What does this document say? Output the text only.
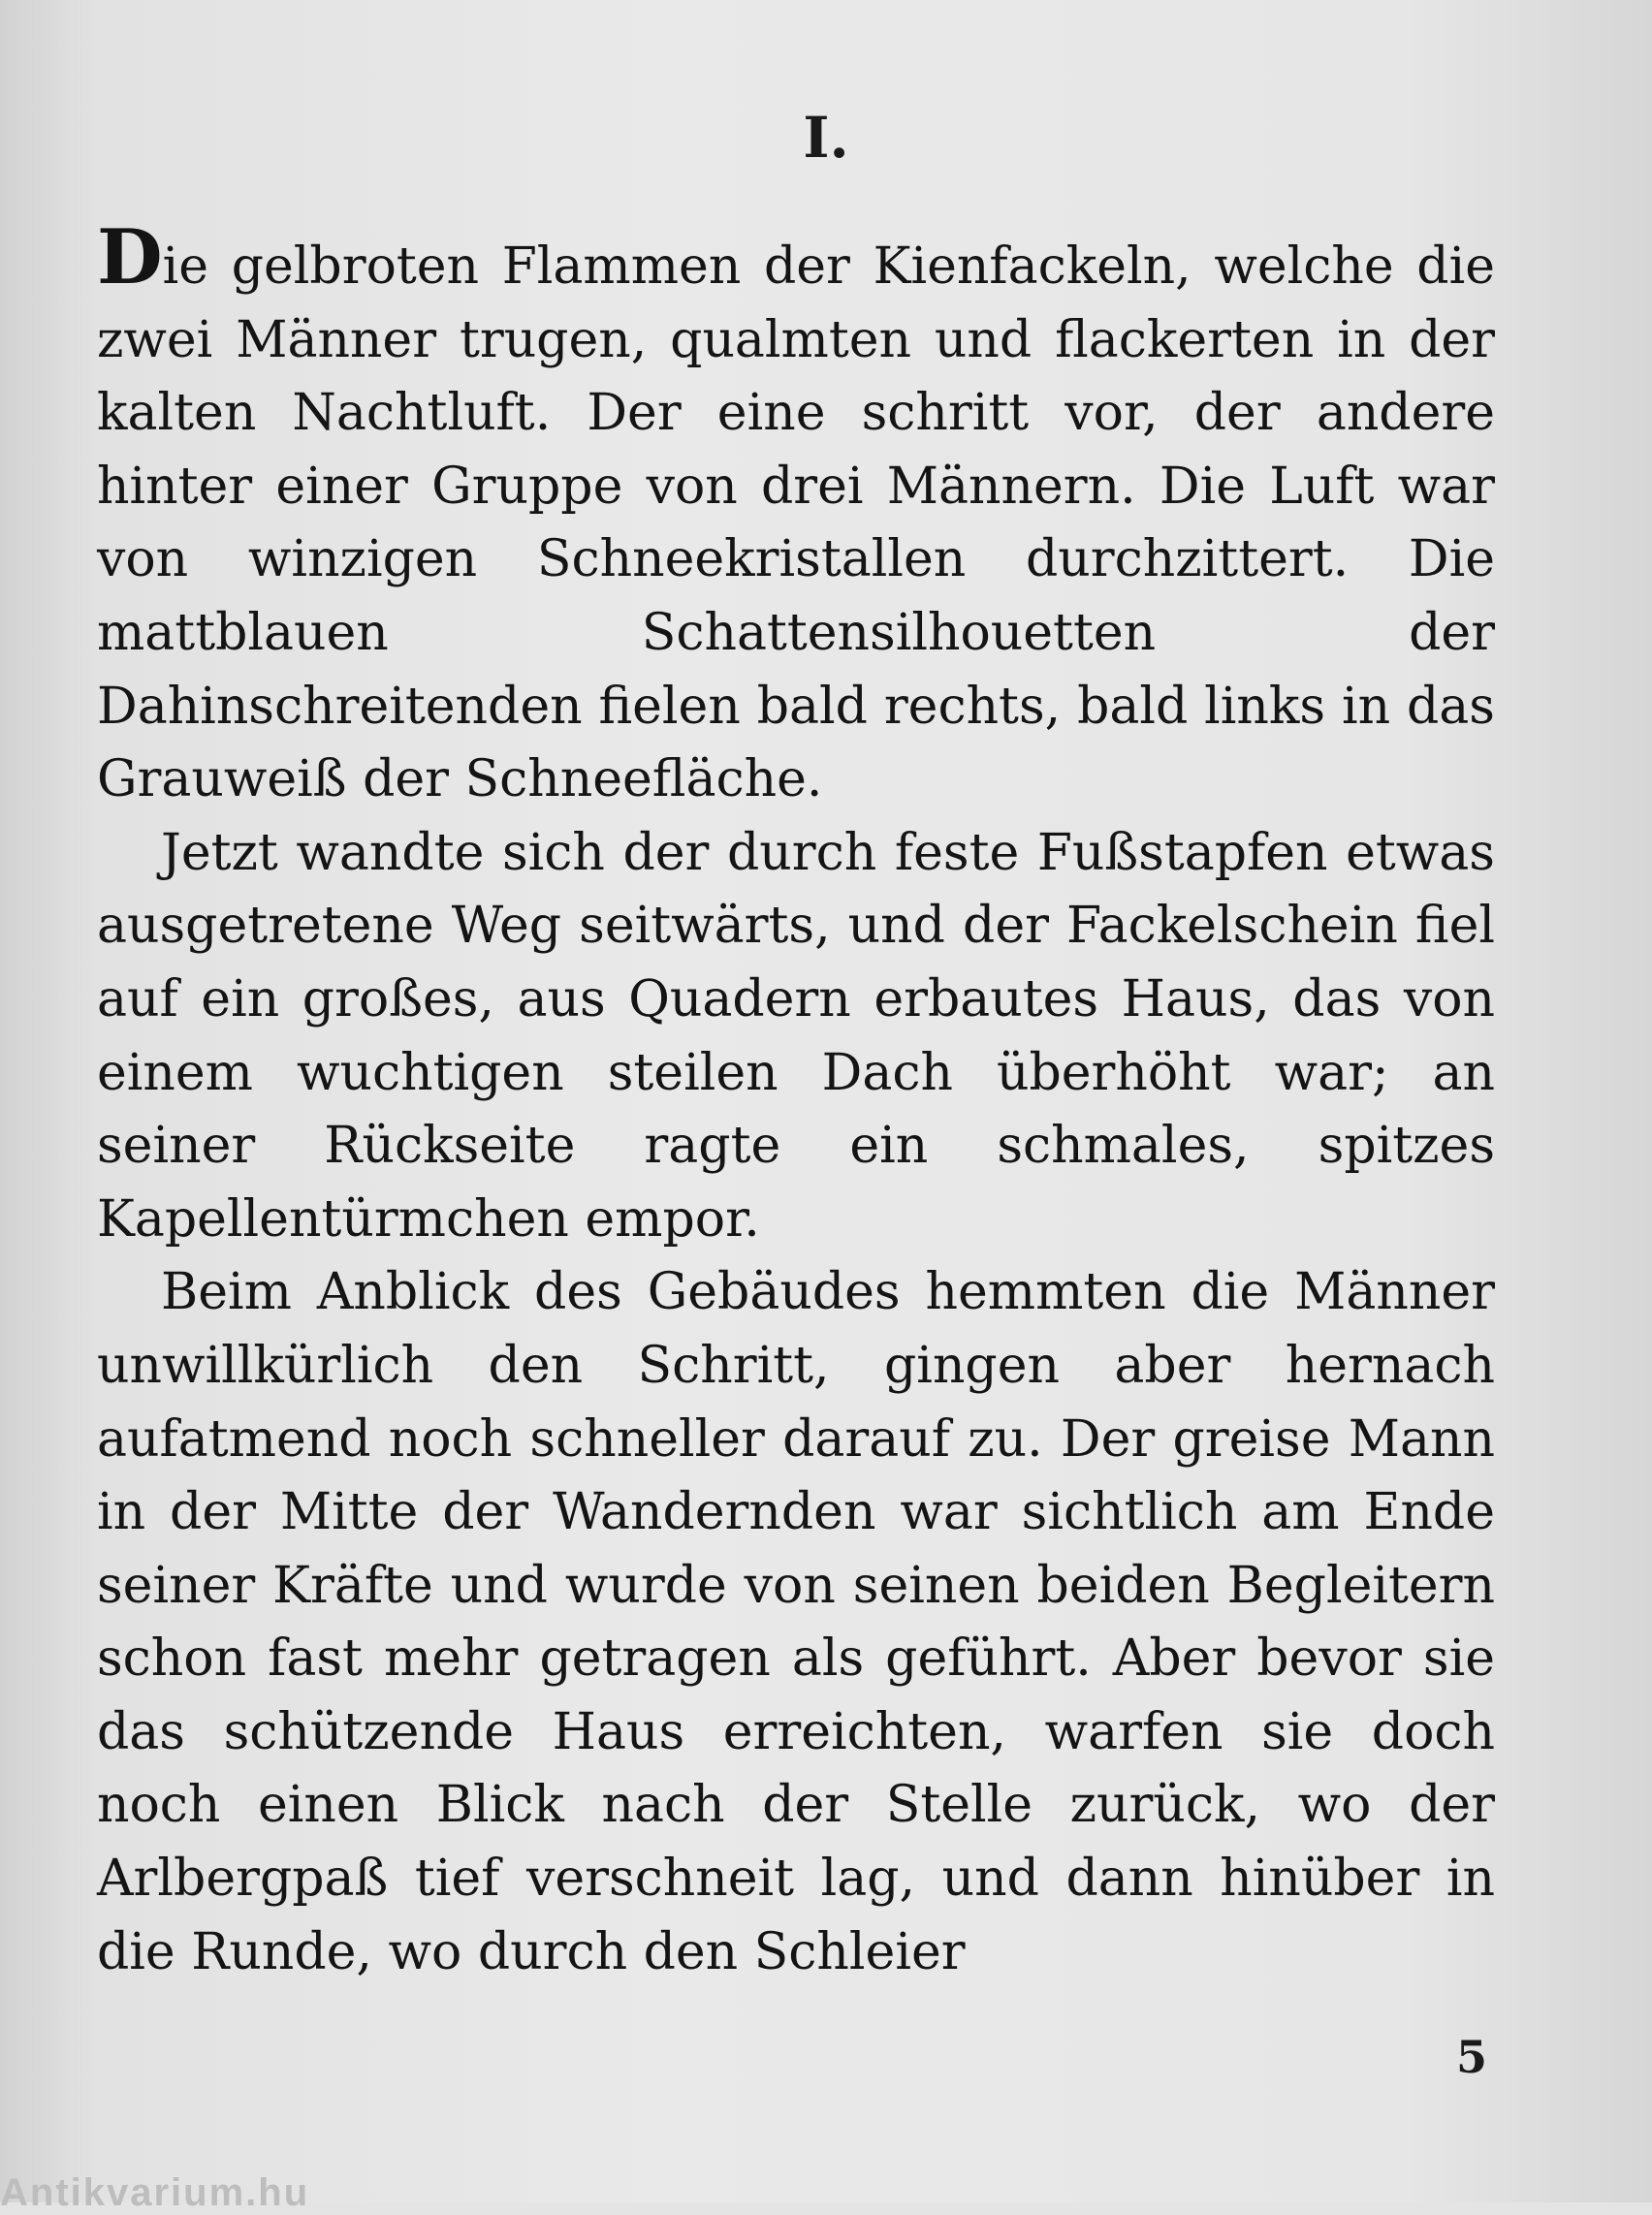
I.

Die gelbroten Flammen der Kienfackeln, welche die zwei Männer trugen, qualmten und flackerten in der kalten Nachtluft. Der eine schritt vor, der andere hinter einer Gruppe von drei Männern. Die Luft war von winzigen Schneekristallen durchzittert. Die mattblauen Schattensilhouetten der Dahinschreitenden fielen bald rechts, bald links in das Grauweiß der Schneefläche.

Jetzt wandte sich der durch feste Fußstapfen etwas ausgetretene Weg seitwärts, und der Fackelschein fiel auf ein großes, aus Quadern erbautes Haus, das von einem wuchtigen steilen Dach überhöht war; an seiner Rückseite ragte ein schmales, spitzes Kapellentürmchen empor.

Beim Anblick des Gebäudes hemmten die Männer unwillkürlich den Schritt, gingen aber hernach aufatmend noch schneller darauf zu. Der greise Mann in der Mitte der Wandernden war sichtlich am Ende seiner Kräfte und wurde von seinen beiden Begleitern schon fast mehr getragen als geführt. Aber bevor sie das schützende Haus erreichten, warfen sie doch noch einen Blick nach der Stelle zurück, wo der Arlbergpaß tief verschneit lag, und dann hinüber in die Runde, wo durch den Schleier

5
Antikvarium.hu
